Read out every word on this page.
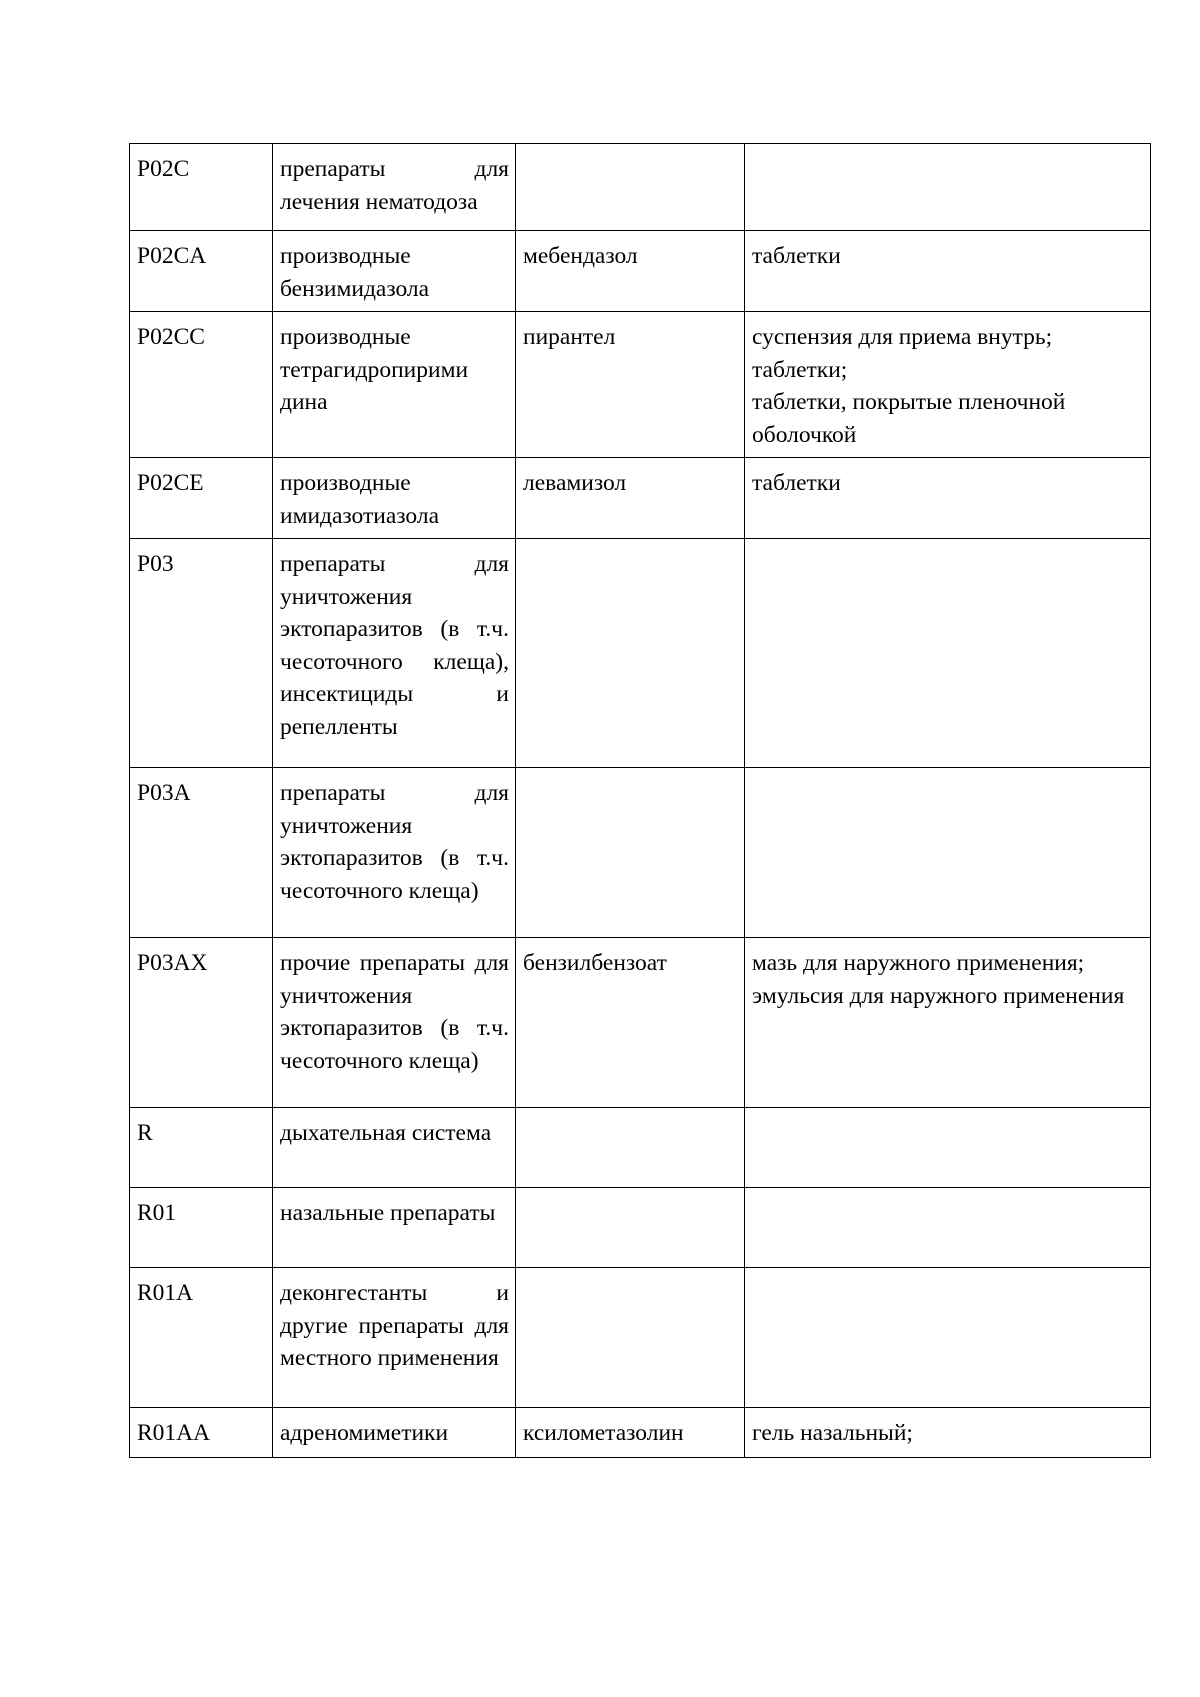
P02C	препараты для лечения нематодоза		
P02CA	производные бензимидазола	мебендазол	таблетки

P02CC	производные тетрагидропирими​дина	пирантел	суспензия для приема внутрь;
таблетки;
таблетки, покрытые пленочной оболочкой

P02CE	производные имидазотиазола	левамизол	таблетки

P03	препараты для уничтожения эктопаразитов (в т.ч. чесоточного клеща), инсектициды и репелленты		
P03A	препараты для уничтожения эктопаразитов (в т.ч. чесоточного клеща)		
P03AX	прочие препараты для уничтожения эктопаразитов (в т.ч. чесоточного клеща)	бензилбензоат	мазь для наружного применения;
эмульсия для наружного применения

R	дыхательная система		
R01	назальные препараты		
R01A	деконгестанты и другие препараты для местного применения		
R01AA	адреномиметики	ксилометазолин	гель назальный;
